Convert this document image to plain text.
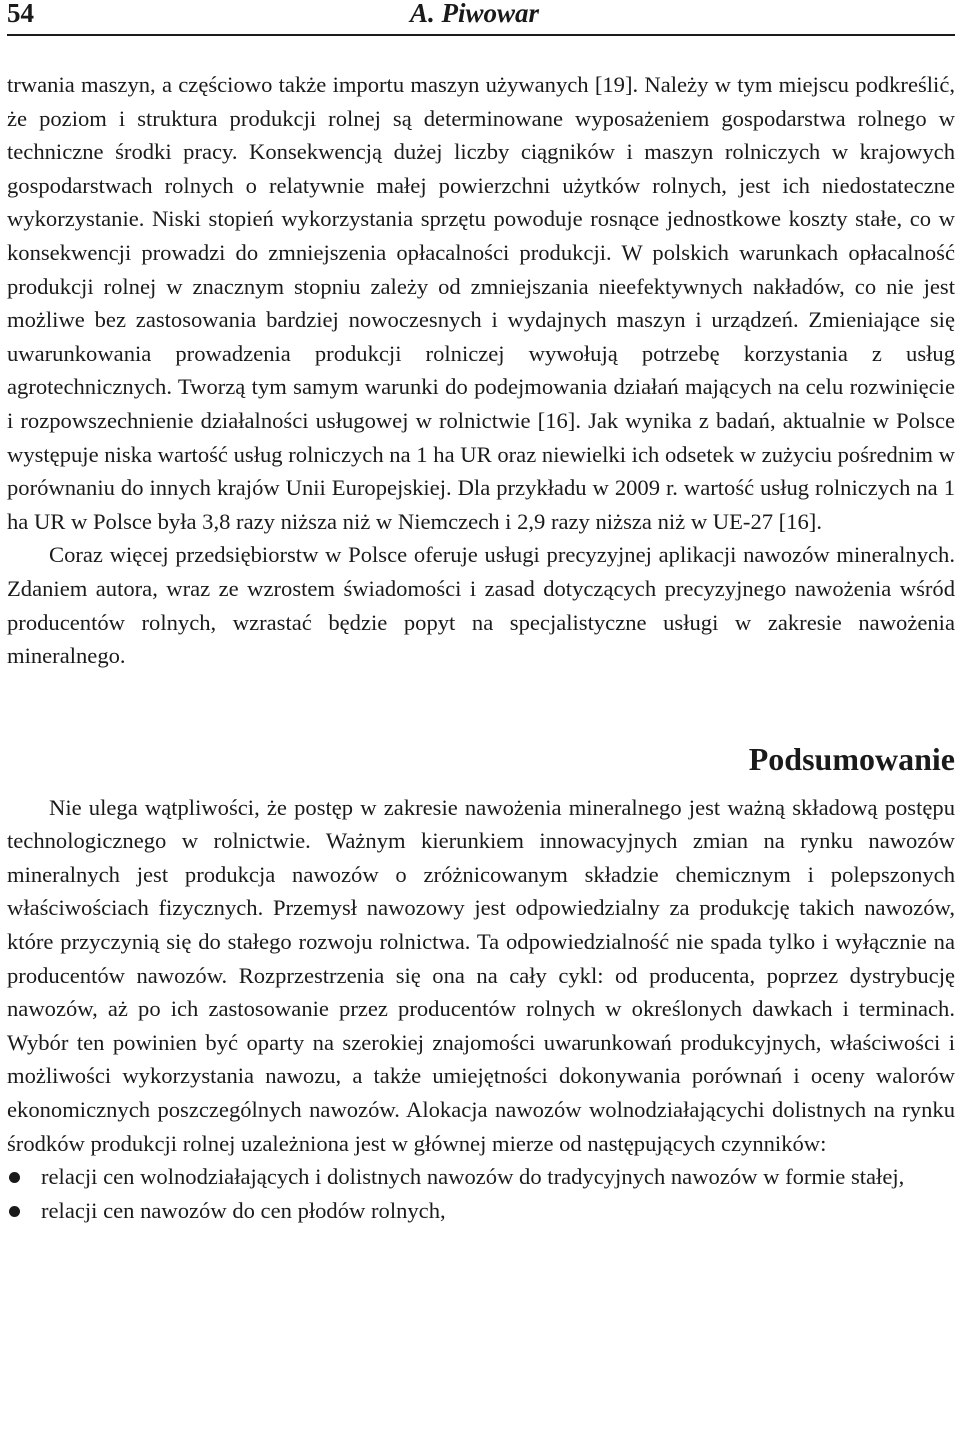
54	A. Piwowar

trwania maszyn, a częściowo także importu maszyn używanych [19]. Należy w tym miejscu podkreślić, że poziom i struktura produkcji rolnej są determinowane wyposażeniem gospodarstwa rolnego w techniczne środki pracy. Konsekwencją dużej liczby ciągników i maszyn rolniczych w krajowych gospodarstwach rolnych o relatywnie małej powierzchni użytków rolnych, jest ich niedostateczne wykorzystanie. Niski stopień wykorzystania sprzętu powoduje rosnące jednostkowe koszty stałe, co w konsekwencji prowadzi do zmniejszenia opłacalności produkcji. W polskich warunkach opłacalność produkcji rolnej w znacznym stopniu zależy od zmniejszania nieefektywnych nakładów, co nie jest możliwe bez zastosowania bardziej nowoczesnych i wydajnych maszyn i urządzeń. Zmieniające się uwarunkowania prowadzenia produkcji rolniczej wywołują potrzebę korzystania z usług agrotechnicznych. Tworzą tym samym warunki do podejmowania działań mających na celu rozwinięcie i rozpowszechnienie działalności usługowej w rolnictwie [16]. Jak wynika z badań, aktualnie w Polsce występuje niska wartość usług rolniczych na 1 ha UR oraz niewielki ich odsetek w zużyciu pośrednim w porównaniu do innych krajów Unii Europejskiej. Dla przykładu w 2009 r. wartość usług rolniczych na 1 ha UR w Polsce była 3,8 razy niższa niż w Niemczech i 2,9 razy niższa niż w UE-27 [16].

Coraz więcej przedsiębiorstw w Polsce oferuje usługi precyzyjnej aplikacji nawozów mineralnych. Zdaniem autora, wraz ze wzrostem świadomości i zasad dotyczących precyzyjnego nawożenia wśród producentów rolnych, wzrastać będzie popyt na specjalistyczne usługi w zakresie nawożenia mineralnego.

Podsumowanie

Nie ulega wątpliwości, że postęp w zakresie nawożenia mineralnego jest ważną składową postępu technologicznego w rolnictwie. Ważnym kierunkiem innowacyjnych zmian na rynku nawozów mineralnych jest produkcja nawozów o zróżnicowanym składzie chemicznym i polepszonych właściwościach fizycznych. Przemysł nawozowy jest odpowiedzialny za produkcję takich nawozów, które przyczynią się do stałego rozwoju rolnictwa. Ta odpowiedzialność nie spada tylko i wyłącznie na producentów nawozów. Rozprzestrzenia się ona na cały cykl: od producenta, poprzez dystrybucję nawozów, aż po ich zastosowanie przez producentów rolnych w określonych dawkach i terminach. Wybór ten powinien być oparty na szerokiej znajomości uwarunkowań produkcyjnych, właściwości i możliwości wykorzystania nawozu, a także umiejętności dokonywania porównań i oceny walorów ekonomicznych poszczególnych nawozów. Alokacja nawozów wolnodziałającychi dolistnych na rynku środków produkcji rolnej uzależniona jest w głównej mierze od następujących czynników:

relacji cen wolnodziałających i dolistnych nawozów do tradycyjnych nawozów w formie stałej,
relacji cen nawozów do cen płodów rolnych,
